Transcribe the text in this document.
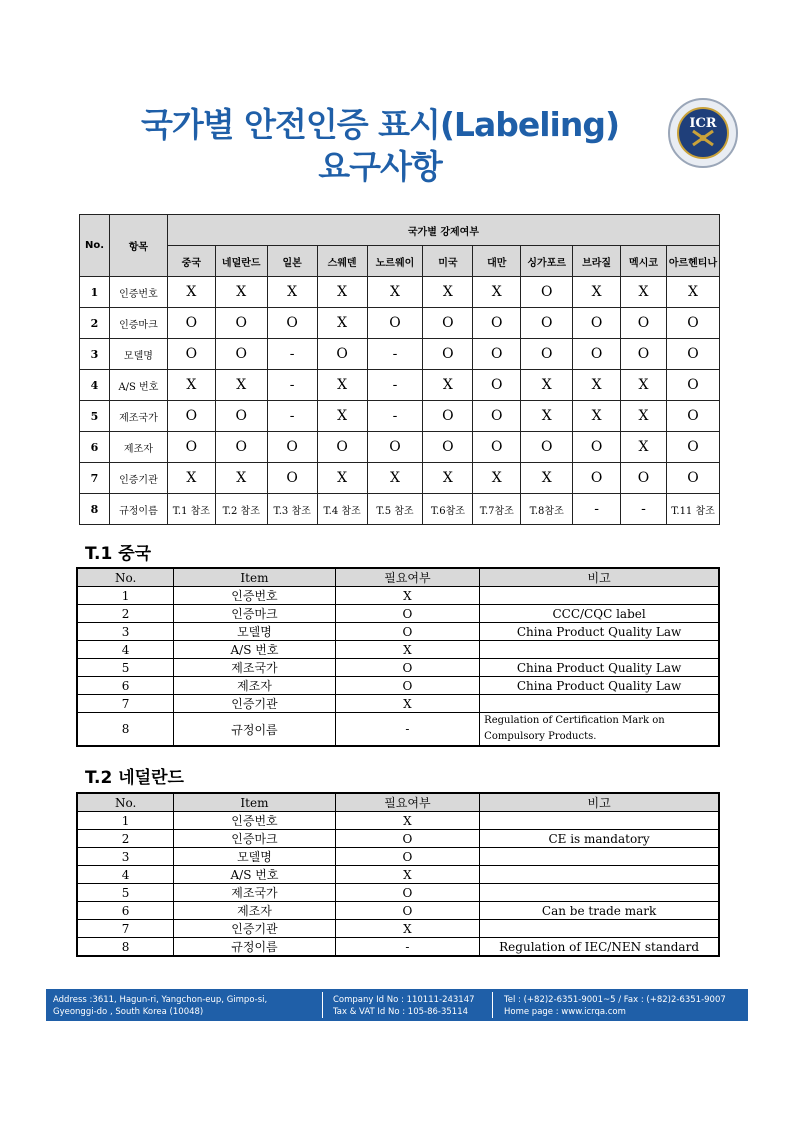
국가별 안전인증 표시(Labeling)
요구사항
ICR
No.	항목	국가별 강제여부										
		중국	네덜란드	일본	스웨덴	노르웨이	미국	대만	싱가포르	브라질	멕시코	아르헨티나
1	인증번호	X	X	X	X	X	X	X	O	X	X	X
2	인증마크	O	O	O	X	O	O	O	O	O	O	O
3	모델명	O	O	-	O	-	O	O	O	O	O	O
4	A/S 번호	X	X	-	X	-	X	O	X	X	X	O
5	제조국가	O	O	-	X	-	O	O	X	X	X	O
6	제조자	O	O	O	O	O	O	O	O	O	X	O
7	인증기관	X	X	O	X	X	X	X	X	O	O	O
8	규정이름	T.1 참조	T.2 참조	T.3 참조	T.4 참조	T.5 참조	T.6참조	T.7참조	T.8참조	-	-	T.11 참조
T.1 중국
No.	Item	필요여부	비고
1	인증번호	X	
2	인증마크	O	CCC/CQC label
3	모델명	O	China Product Quality Law
4	A/S 번호	X	
5	제조국가	O	China Product Quality Law
6	제조자	O	China Product Quality Law
7	인증기관	X	
8	규정이름	-	Regulation of Certification Mark on Compulsory Products.
T.2 네덜란드
No.	Item	필요여부	비고
1	인증번호	X	
2	인증마크	O	CE is mandatory
3	모델명	O	
4	A/S 번호	X	
5	제조국가	O	
6	제조자	O	Can be trade mark
7	인증기관	X	
8	규정이름	-	Regulation of IEC/NEN standard
Address :3611, Hagun-ri, Yangchon-eup, Gimpo-si,
Gyeonggi-do , South Korea (10048)
Company Id No : 110111-243147
Tax & VAT Id No : 105-86-35114
Tel : (+82)2-6351-9001~5 / Fax : (+82)2-6351-9007
Home page : www.icrqa.com
